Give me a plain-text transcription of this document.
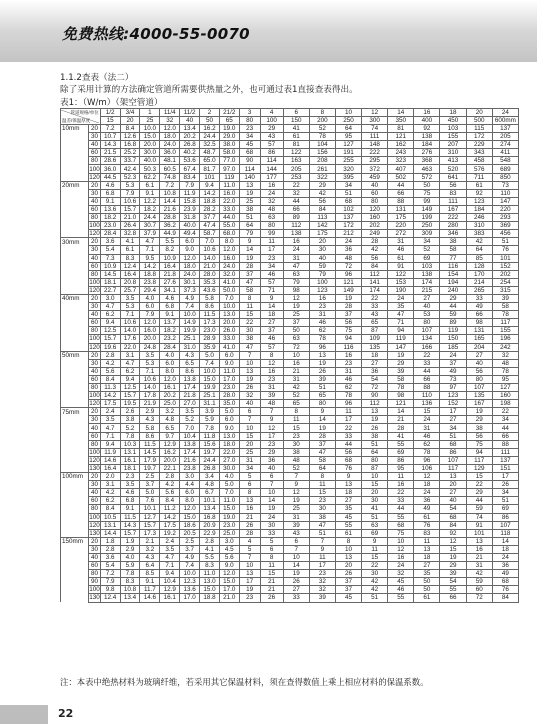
免费热线:4000-55-0070
1.1.2查表（法二）
除了采用计算的方法确定管道所需要供热量之外，也可通过表1直接查表得出。
表1：（W/m）（架空管道）
管道规格/单位
温差/保温厚度		1/2	3/4	1	11/4	11/2	2	21/2	3	4	6	8	10	12	14	16	18	20	24
		15	20	25	32	40	50	65	80	100	150	200	250	300	350	400	450	500	600mm
10mm	20	7.2	8.4	10.0	12.0	13.4	16.2	19.0	23	29	41	52	64	74	81	92	103	115	137
	30	10.7	12.6	15.0	18.0	20.2	24.4	29.0	34	43	61	78	95	111	121	138	155	172	205
	40	14.3	16.8	20.0	24.0	26.8	32.5	38.0	45	57	81	104	127	148	162	184	207	229	274
	60	21.5	25.2	30.0	36.0	40.2	48.7	58.0	68	86	122	156	191	222	243	276	310	343	411
	80	28.6	33.7	40.0	48.1	53.6	65.0	77.0	90	114	163	208	255	295	323	368	413	458	548
	100	36.0	42.4	50.3	60.5	67.4	81.7	97.0	114	144	205	261	320	372	407	463	520	576	689
	120	44.5	52.3	62.2	74.8	83.4	101	119	140	177	253	322	395	459	502	572	641	711	850
20mm	20	4.6	5.3	6.1	7.2	7.9	9.4	11.0	13	16	22	29	34	40	44	50	56	61	73
	30	6.8	7.9	9.1	10.8	11.9	14.2	16.0	19	24	32	42	51	60	66	75	83	92	110
	40	9.1	10.6	12.2	14.4	15.8	18.8	22.0	25	32	44	56	68	80	88	99	111	123	147
	60	13.6	15.7	18.2	21.6	23.9	28.2	33.0	38	48	66	84	102	120	131	149	167	184	220
	80	18.2	21.0	24.4	28.8	31.8	37.7	44.0	51	63	89	113	137	160	175	199	222	246	293
	100	23.0	26.4	30.7	36.2	40.0	47.4	55.0	64	80	112	142	172	202	220	250	280	310	369
	120	28.4	32.8	37.9	44.9	49.4	58.7	68.0	79	99	138	175	212	249	272	309	346	383	456
30mm	20	3.6	4.1	4.7	5.5	6.0	7.0	8.0	9	11	16	20	24	28	31	34	38	42	51
	30	5.4	6.1	7.1	8.2	9.0	10.6	12.0	14	17	24	30	36	42	46	52	58	64	76
	40	7.3	8.3	9.5	10.9	12.0	14.0	16.0	19	23	31	40	48	56	61	69	77	85	101
	60	10.9	12.4	14.2	16.4	18.0	21.0	24.0	28	34	47	59	72	84	91	103	116	128	152
	80	14.5	16.4	18.8	21.8	24.0	28.0	32.0	37	46	63	79	96	112	122	138	154	170	202
	100	18.1	20.8	23.8	27.6	30.1	35.3	41.0	47	57	79	100	121	141	153	174	194	214	254
	120	22.7	25.7	29.4	34.1	37.3	43.6	50.0	58	71	98	123	149	174	190	215	240	265	315
40mm	20	3.0	3.5	4.0	4.6	4.9	5.8	7.0	8	9	12	16	19	22	24	27	29	33	39
	30	4.7	5.3	6.0	6.8	7.4	8.6	10.0	11	14	19	23	28	33	35	40	44	49	58
	40	6.2	7.1	7.9	9.1	10.0	11.5	13.0	15	18	25	31	37	43	47	53	59	66	78
	60	9.4	10.6	12.0	13.7	14.9	17.3	20.0	22	27	37	46	56	65	71	80	89	98	117
	80	12.5	14.0	16.0	18.2	19.9	23.0	26.0	30	37	50	62	75	87	94	107	119	131	155
	100	15.7	17.6	20.0	23.2	25.1	28.9	33.0	38	46	63	78	94	109	119	134	150	165	196
	120	19.6	22.0	24.8	28.4	31.0	35.9	41.0	47	57	72	96	116	135	147	166	185	204	242
50mm	20	2.8	3.1	3.5	4.0	4.3	5.0	6.0	7	8	10	13	16	18	19	22	24	27	32
	30	4.2	4.7	5.3	6.0	6.5	7.4	9.0	10	12	16	19	23	27	29	33	37	40	48
	40	5.6	6.2	7.1	8.0	8.6	10.0	11.0	13	16	21	26	31	36	39	44	49	56	78
	60	8.4	9.4	10.6	12.0	13.8	15.0	17.0	19	23	31	39	46	54	58	66	73	80	95
	80	11.3	12.5	14.0	16.1	17.4	19.9	23.0	26	31	42	51	62	72	78	88	97	107	127
	100	14.2	15.7	17.8	20.2	21.8	25.1	28.0	32	39	52	65	78	90	98	110	123	135	160
	120	17.5	19.5	21.9	25.0	27.0	31.1	35.0	40	48	65	80	96	112	121	136	152	167	198
75mm	20	2.4	2.6	2.9	3.2	3.5	3.9	5.0	6	7	8	9	11	13	14	15	17	19	22
	30	3.5	3.8	4.3	4.8	5.2	5.9	6.0	7	9	11	14	17	19	21	24	27	29	34
	40	4.7	5.2	5.8	6.5	7.0	7.8	9.0	10	12	15	19	22	26	28	31	34	38	44
	60	7.1	7.8	8.6	9.7	10.4	11.8	13.0	15	17	23	28	33	38	41	46	51	56	66
	80	9.4	10.3	11.5	12.9	13.8	15.6	18.0	20	23	30	37	44	51	55	62	68	75	88
	100	11.9	13.1	14.5	16.2	17.4	19.7	22.0	25	29	38	47	56	64	69	78	86	94	111
	120	14.6	16.1	17.9	20.0	21.6	24.4	27.0	31	36	48	58	68	80	86	96	107	117	137
	130	16.4	18.1	19.7	22.1	23.8	26.8	30.0	34	40	52	64	76	87	95	106	117	129	151
100mm	20	2.0	2.3	2.5	2.8	3.0	3.4	4.0	5	6	7	8	9	10	11	12	13	15	17
	30	3.1	3.5	3.7	4.2	4.4	4.8	5.0	6	7	9	11	13	15	16	18	20	22	26
	40	4.2	4.6	5.0	5.6	6.0	6.7	7.0	8	10	12	15	18	20	22	24	27	29	34
	60	6.2	6.8	7.6	8.4	8.0	10.1	11.0	13	14	19	23	27	30	33	36	40	44	51
	80	8.4	9.1	10.1	11.2	12.0	13.4	15.0	16	19	25	30	35	41	44	49	54	59	69
	100	10.5	11.5	12.7	14.2	15.0	16.8	19.0	21	24	31	38	45	51	55	61	68	74	86
	120	13.1	14.3	15.7	17.5	18.6	20.9	23.0	26	30	39	47	55	63	68	76	84	91	107
	130	14.4	15.7	17.3	19.2	20.5	22.9	25.0	28	33	43	51	61	69	75	83	92	101	118
150mm	20	1.8	1.9	2.1	2.4	2.5	2.8	3.0	4	5	6	7	8	9	10	11	12	13	14
	30	2.8	2.9	3.2	3.5	3.7	4.1	4.5	5	6	7	9	10	11	12	13	15	16	18
	40	3.6	4.0	4.3	4.7	4.9	5.5	5.6	7	8	10	11	13	15	16	18	19	21	24
	60	5.4	5.9	6.4	7.1	7.4	8.3	9.0	10	11	14	17	20	22	24	27	29	31	36
	80	7.2	7.8	8.5	9.4	10.0	11.0	12.0	13	15	19	23	26	30	32	35	39	42	49
	90	7.9	8.3	9.1	10.4	12.3	13.0	15.0	17	21	26	32	37	42	45	50	54	59	68
	100	9.8	10.8	11.7	12.9	13.6	15.0	17.0	19	21	27	32	37	42	46	50	55	60	76
	130	12.4	13.4	14.6	16.1	17.0	18.8	21.0	23	26	33	39	45	51	55	61	66	72	84
注：本表中绝热材料为玻璃纤维，若采用其它保温材料，须在查得数值上乘上相应材料的保温系数。
22
